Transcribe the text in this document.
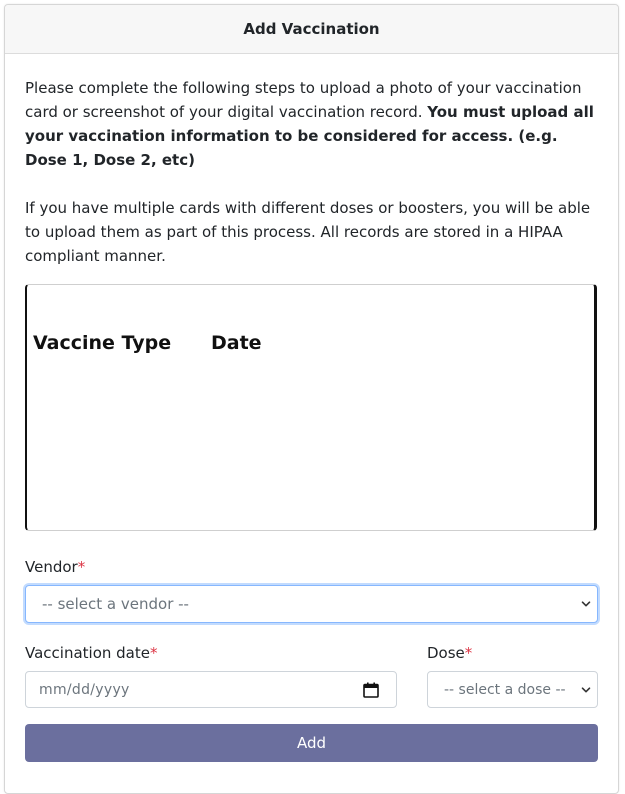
Add Vaccination

Please complete the following steps to upload a photo of your vaccination card or screenshot of your digital vaccination record. You must upload all your vaccination information to be considered for access. (e.g. Dose 1, Dose 2, etc)

If you have multiple cards with different doses or boosters, you will be able to upload them as part of this process. All records are stored in a HIPAA compliant manner.

Vaccine Type Date
Vendor*
-- select a vendor --
Vaccination date*
mm/dd/yyyy
Dose*
-- select a dose --
Add
